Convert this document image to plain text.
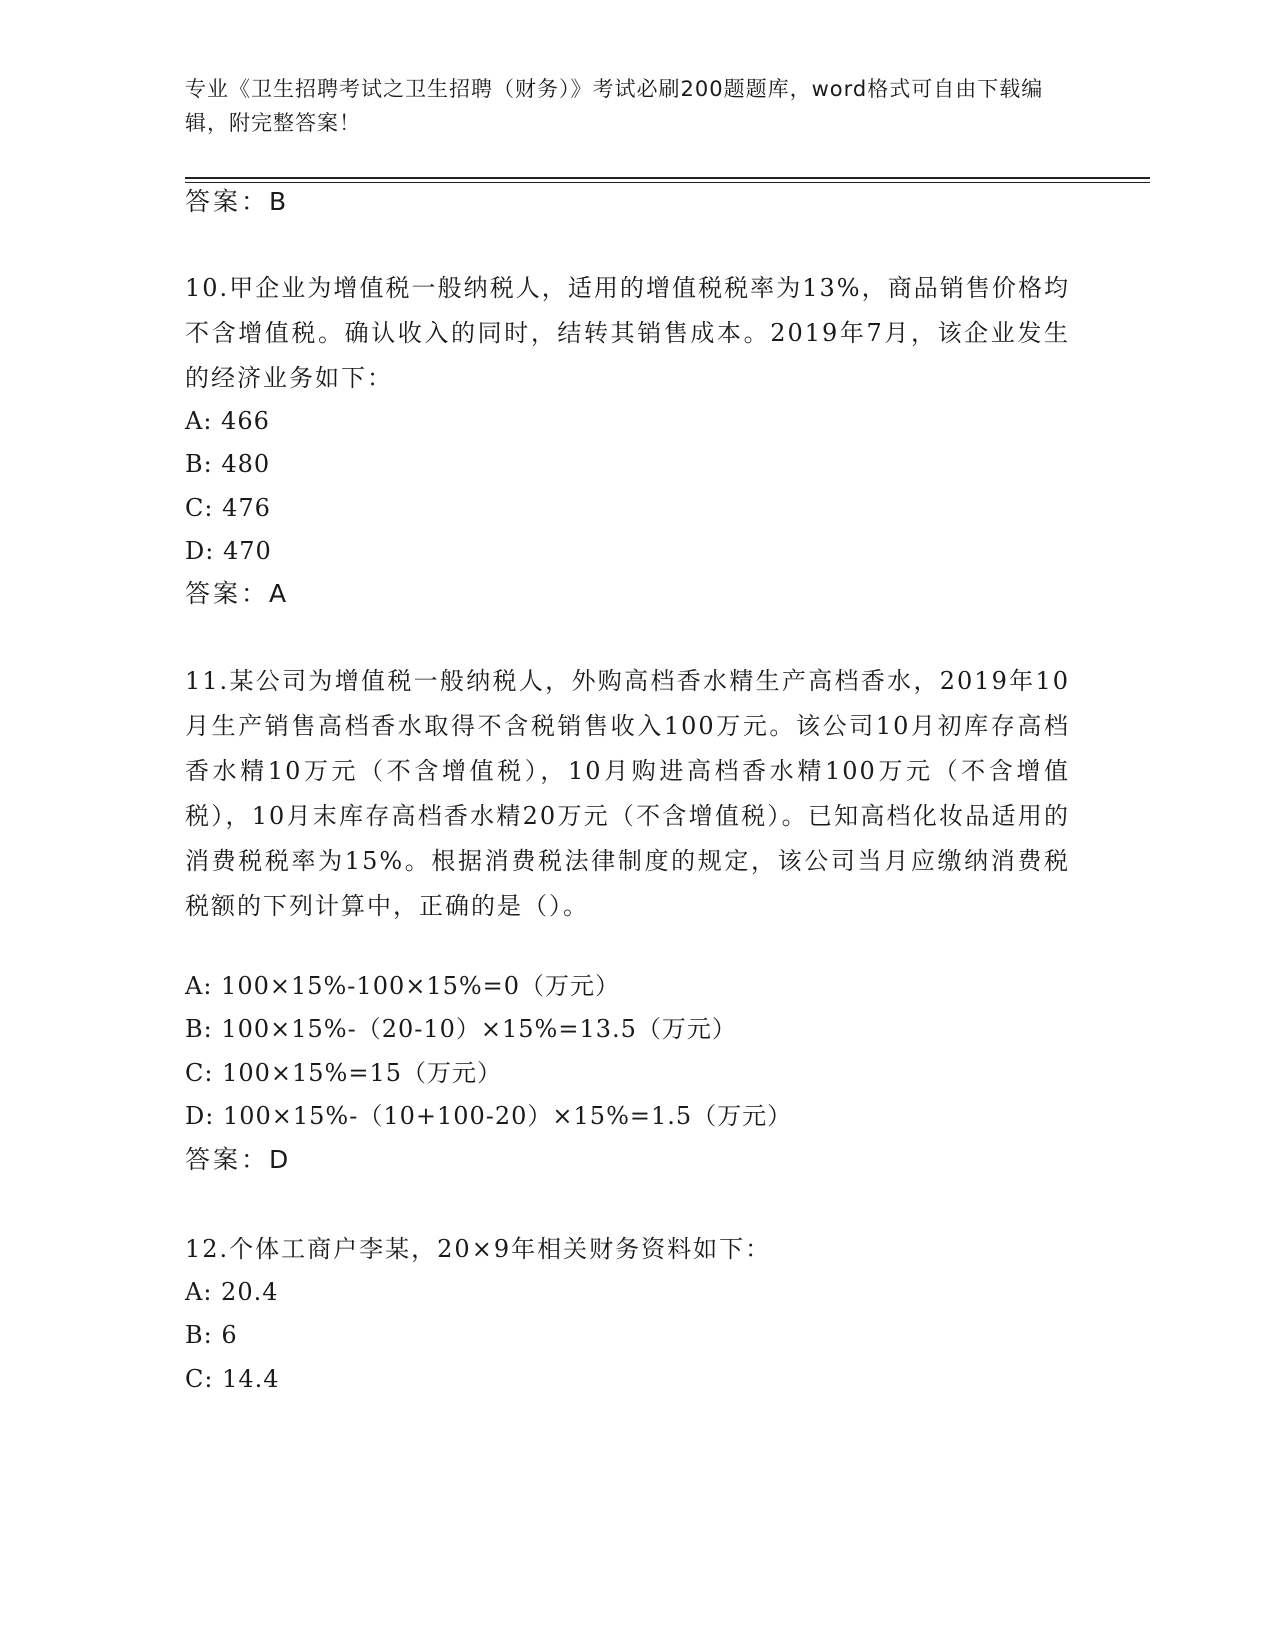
专业《卫生招聘考试之卫生招聘（财务）》考试必刷200题题库，word格式可自由下载编辑，附完整答案！
答案：B
10.甲企业为增值税一般纳税人，适用的增值税税率为13%，商品销售价格均不含增值税。确认收入的同时，结转其销售成本。2019年7月，该企业发生的经济业务如下：
A: 466
B: 480
C: 476
D: 470
答案：A
11.某公司为增值税一般纳税人，外购高档香水精生产高档香水，2019年10月生产销售高档香水取得不含税销售收入100万元。该公司10月初库存高档香水精10万元（不含增值税），10月购进高档香水精100万元（不含增值税），10月末库存高档香水精20万元（不含增值税）。已知高档化妆品适用的消费税税率为15%。根据消费税法律制度的规定，该公司当月应缴纳消费税税额的下列计算中，正确的是（）。
A: 100×15%-100×15%=0（万元）
B: 100×15%-（20-10）×15%=13.5（万元）
C: 100×15%=15（万元）
D: 100×15%-（10+100-20）×15%=1.5（万元）
答案：D
12.个体工商户李某，20×9年相关财务资料如下：
A: 20.4
B: 6
C: 14.4
